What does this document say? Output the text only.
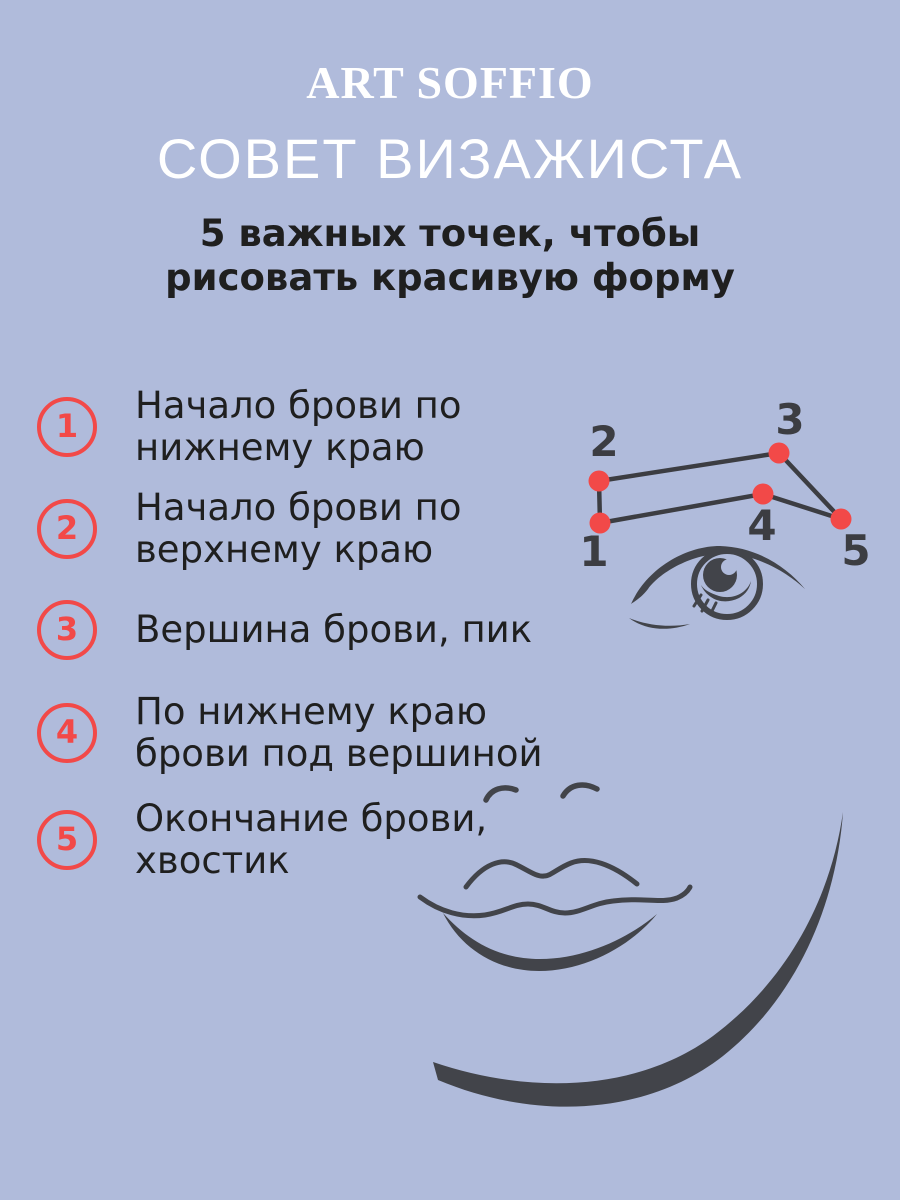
ART SOFFIO
СОВЕТ ВИЗАЖИСТА
5 важных точек, чтобы
рисовать красивую форму
1 Начало брови по
нижнему краю
2 Начало брови по
верхнему краю
3 Вершина брови, пик
4 По нижнему краю
брови под вершиной
5 Окончание брови,
хвостик
1
2	3
4
5
